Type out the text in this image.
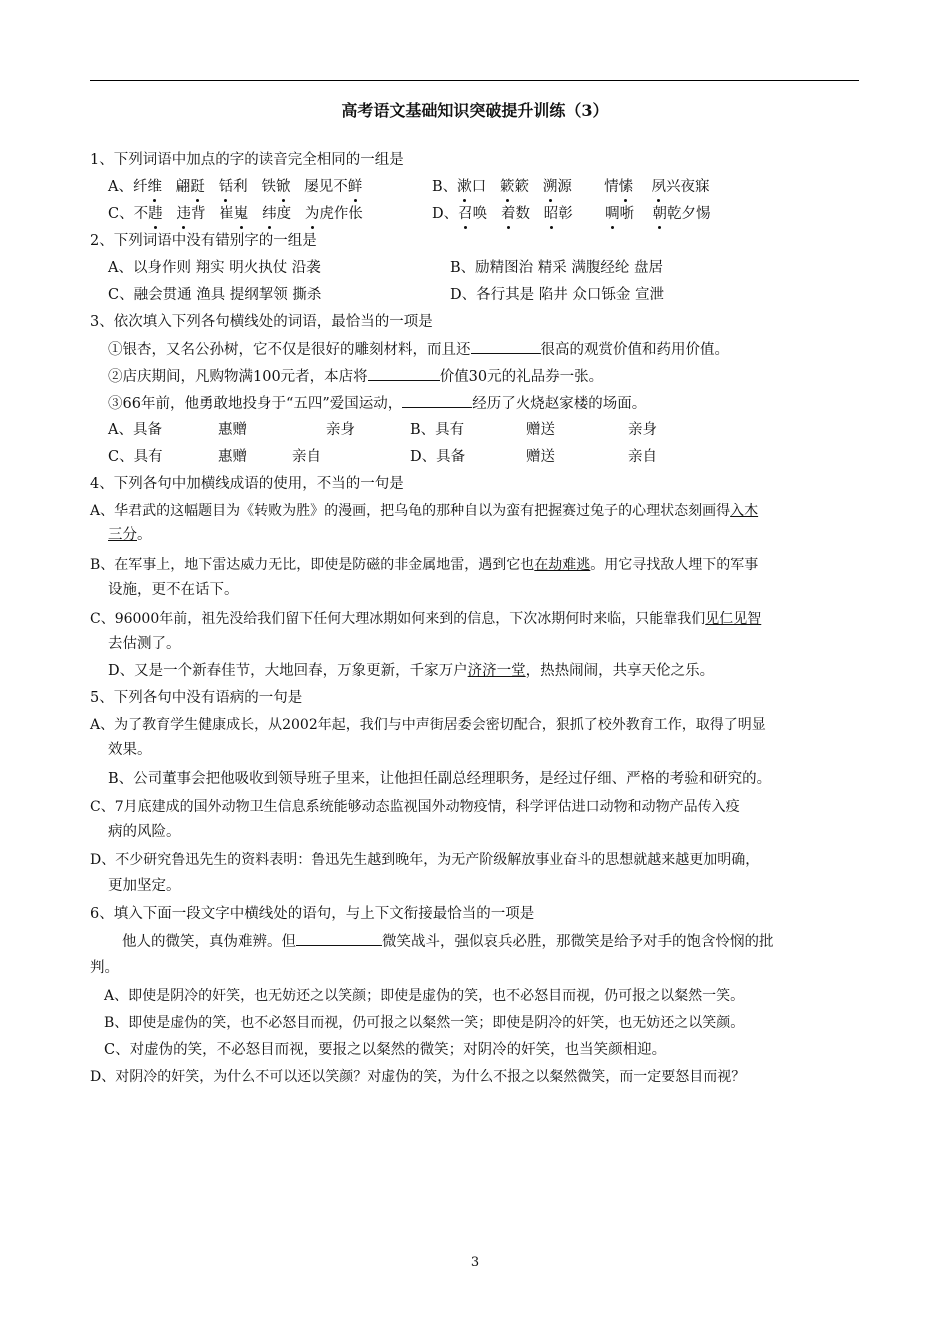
高考语文基础知识突破提升训练（3）
1、下列词语中加点的字的读音完全相同的一组是
A、纤维   翩跹 铦利   铁锨   屡见不鲜	B、漱口   簌簌   溯源       情愫 夙兴夜寐
C、不韪 违背   崔嵬 纬度   为虎作伥	D、召唤   着数   昭彰       啁哳    朝乾夕惕
2、下列词语中没有错别字的一组是
A、以身作则 翔实 明火执仗 沿袭	B、励精图治 精采 满腹经纶 盘居
C、融会贯通 渔具 提纲挈领 撕杀	D、各行其是 陷井 众口铄金 宣泄
3、依次填入下列各句横线处的词语，最恰当的一项是
①银杏，又名公孙树，它不仅是很好的雕刻材料，而且还	很高的观赏价值和药用价值。
②店庆期间，凡购物满100元者，本店将	价值30元的礼品券一张。
③66年前，他勇敢地投身于“五四”爱国运动，	经历了火烧赵家楼的场面。
A、具备	惠赠	亲身	B、具有	赠送	亲身
C、具有	惠赠	亲自	D、具备	赠送	亲自
4、下列各句中加横线成语的使用，不当的一句是
A、华君武的这幅题目为《转败为胜》的漫画，把乌龟的那种自以为蛮有把握赛过兔子的心理状态刻画得入木
三分。
B、在军事上，地下雷达威力无比，即使是防磁的非金属地雷，遇到它也在劫难逃。用它寻找敌人埋下的军事
设施，更不在话下。
C、96000年前，祖先没给我们留下任何大理冰期如何来到的信息，下次冰期何时来临，只能靠我们见仁见智
去估测了。
D、又是一个新春佳节，大地回春，万象更新，千家万户济济一堂，热热闹闹，共享天伦之乐。
5、下列各句中没有语病的一句是
A、为了教育学生健康成长，从2002年起，我们与中声街居委会密切配合，狠抓了校外教育工作，取得了明显
效果。
B、公司董事会把他吸收到领导班子里来，让他担任副总经理职务，是经过仔细、严格的考验和研究的。
C、7月底建成的国外动物卫生信息系统能够动态监视国外动物疫情，科学评估进口动物和动物产品传入疫
病的风险。
D、不少研究鲁迅先生的资料表明：鲁迅先生越到晚年，为无产阶级解放事业奋斗的思想就越来越更加明确，
更加坚定。
6、填入下面一段文字中横线处的语句，与上下文衔接最恰当的一项是
他人的微笑，真伪难辨。但	微笑战斗，强似哀兵必胜，那微笑是给予对手的饱含怜悯的批
判。
A、即使是阴冷的奸笑，也无妨还之以笑颜；即使是虚伪的笑，也不必怒目而视，仍可报之以粲然一笑。
B、即使是虚伪的笑，也不必怒目而视，仍可报之以粲然一笑；即使是阴冷的奸笑，也无妨还之以笑颜。
C、对虚伪的笑，不必怒目而视，要报之以粲然的微笑；对阴冷的奸笑，也当笑颜相迎。
D、对阴冷的奸笑，为什么不可以还以笑颜？对虚伪的笑，为什么不报之以粲然微笑，而一定要怒目而视？
3
